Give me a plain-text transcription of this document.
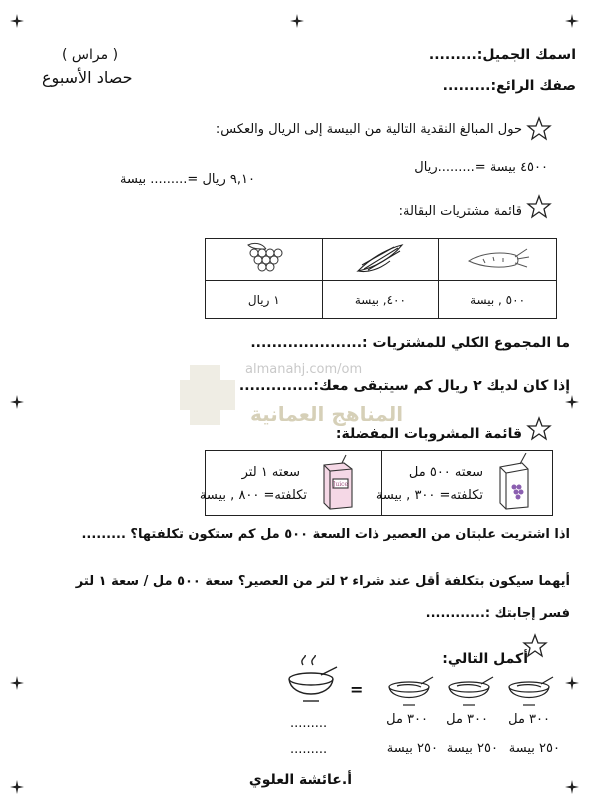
almanahj.com/om
المناهج العمانية
اسمك الجميل:.........
صفك الرائع:.........
( مراس )
حصاد الأسبوع
حول المبالغ النقدية التالية من البيسة إلى الريال والعكس:
٤٥٠٠ بيسة =.........ريال
٩,١٠ ريال =......... بيسة
قائمة مشتريات البقالة:

١ ريال	٤٠٠, بيسة	٥٠٠ , بيسة
ما المجموع الكلي للمشتريات :.....................
إذا كان لديك ٢ ريال كم سيتبقى معك:..............
قائمة المشروبات المفضلة:
سعته ٥٠٠ مل
تكلفته= ٣٠٠ , بيسة
Juice
سعته ١ لتر
تكلفته= ٨٠٠ , بيسة
اذا اشتريت علبتان من العصير ذات السعة ٥٠٠ مل كم ستكون تكلفتها؟ .........
أيهما سيكون بتكلفة أقل عند شراء ٢ لتر من العصير؟ سعة ٥٠٠ مل / سعة ١ لتر
فسر إجابتك :............
أكمل التالي:
=
٣٠٠ مل
٣٠٠ مل
٣٠٠ مل
٢٥٠ بيسة
٢٥٠ بيسة
٢٥٠ بيسة
.........
.........
أ.عائشة العلوي
